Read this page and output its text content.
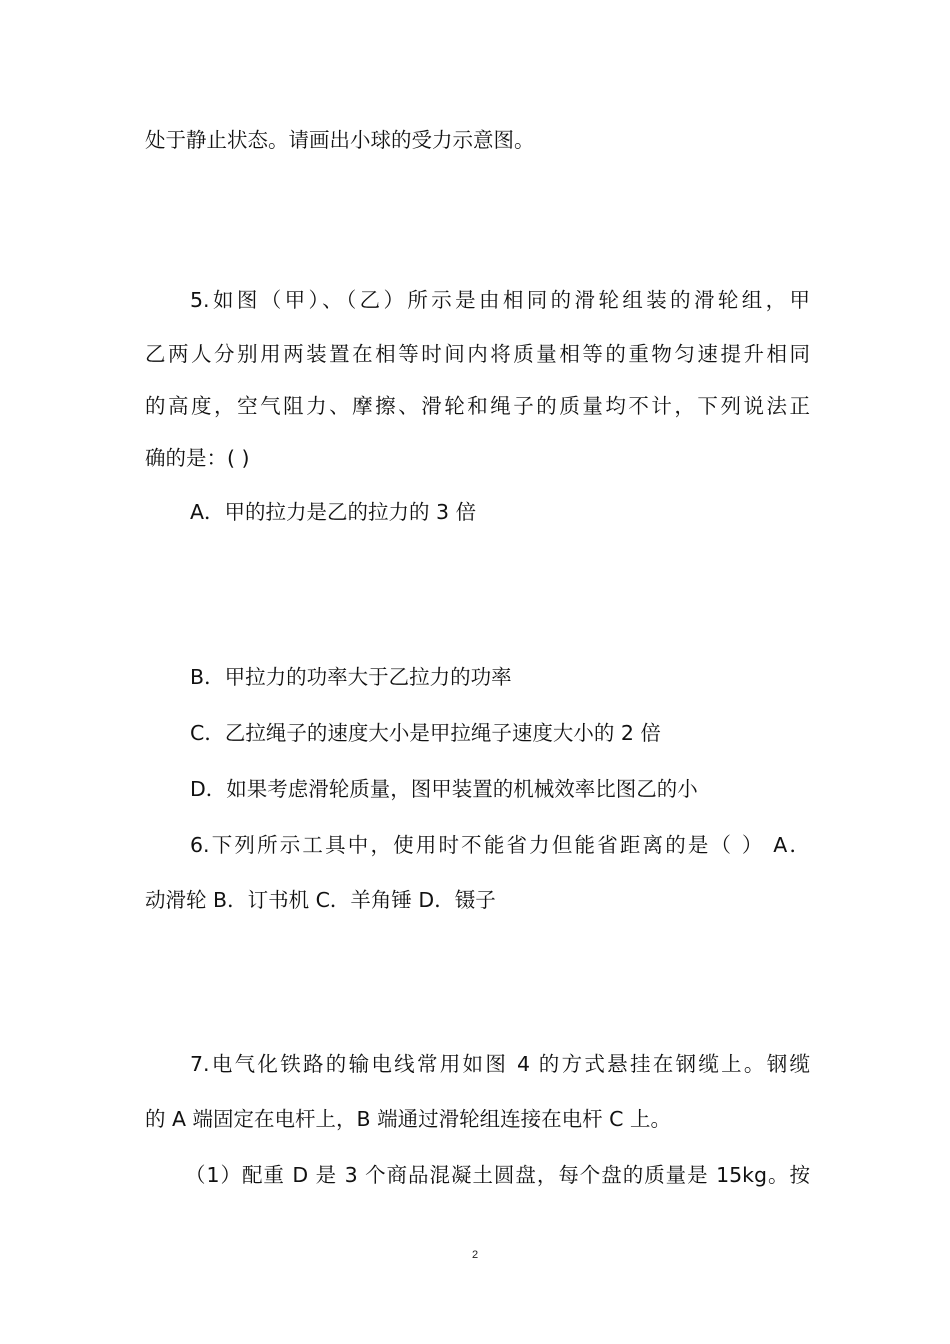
处于静止状态。请画出小球的受力示意图。
5.如图（甲）、（乙）所示是由相同的滑轮组装的滑轮组，甲
乙两人分别用两装置在相等时间内将质量相等的重物匀速提升相同
的高度，空气阻力、摩擦、滑轮和绳子的质量均不计，下列说法正
确的是：( )
A．甲的拉力是乙的拉力的 3 倍
B．甲拉力的功率大于乙拉力的功率
C．乙拉绳子的速度大小是甲拉绳子速度大小的 2 倍
D．如果考虑滑轮质量，图甲装置的机械效率比图乙的小
6.下列所示工具中，使用时不能省力但能省距离的是（ ） A．
动滑轮 B．订书机 C．羊角锤 D．镊子
7.电气化铁路的输电线常用如图 4 的方式悬挂在钢缆上。钢缆
的 A 端固定在电杆上，B 端通过滑轮组连接在电杆 C 上。
（1）配重 D 是 3 个商品混凝土圆盘，每个盘的质量是 15kg。按
2
